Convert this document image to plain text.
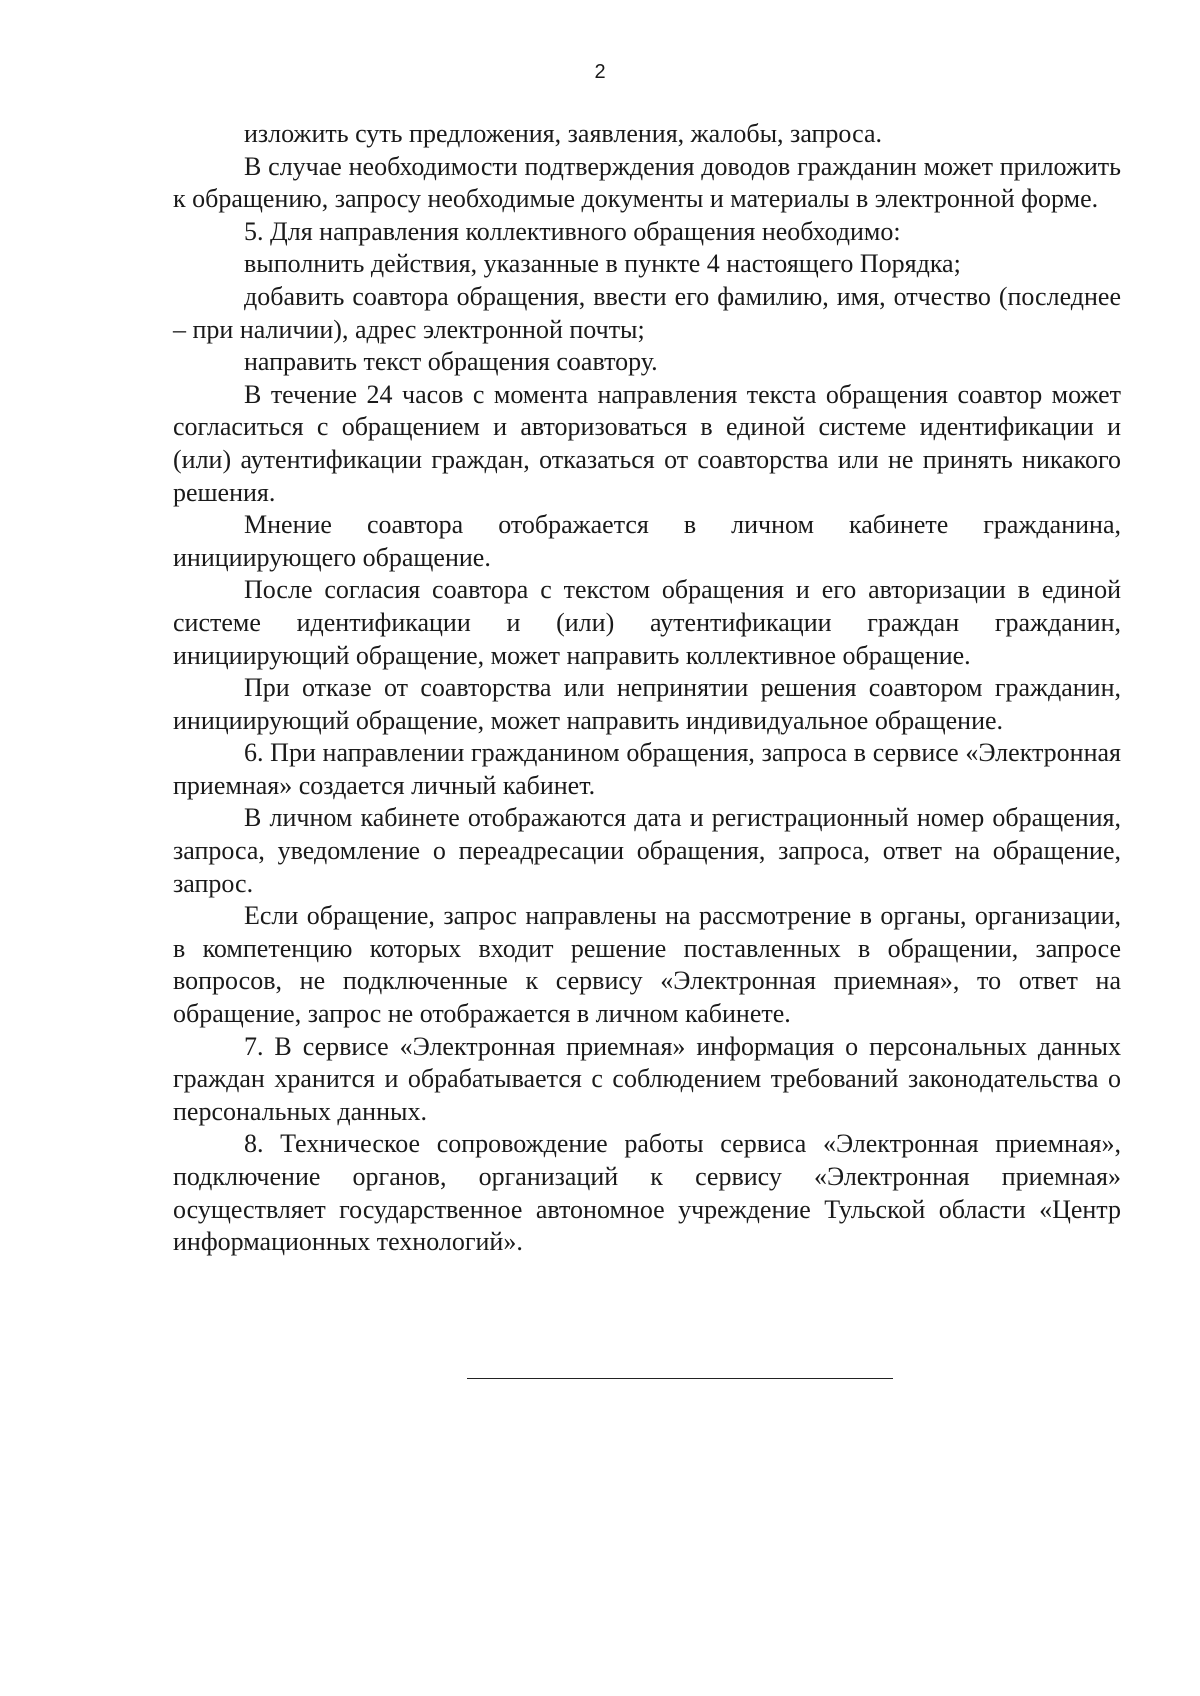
2

изложить суть предложения, заявления, жалобы, запроса.

В случае необходимости подтверждения доводов гражданин может приложить к обращению, запросу необходимые документы и материалы в электронной форме.

5. Для направления коллективного обращения необходимо:

выполнить действия, указанные в пункте 4 настоящего Порядка;

добавить соавтора обращения, ввести его фамилию, имя, отчество (последнее – при наличии), адрес электронной почты;

направить текст обращения соавтору.

В течение 24 часов с момента направления текста обращения соавтор может согласиться с обращением и авторизоваться в единой системе идентификации и (или) аутентификации граждан, отказаться от соавторства или не принять никакого решения.

Мнение соавтора отображается в личном кабинете гражданина, инициирующего обращение.

После согласия соавтора с текстом обращения и его авторизации в единой системе идентификации и (или) аутентификации граждан гражданин, инициирующий обращение, может направить коллективное обращение.

При отказе от соавторства или непринятии решения соавтором гражданин, инициирующий обращение, может направить индивидуальное обращение.

6. При направлении гражданином обращения, запроса в сервисе «Электронная приемная» создается личный кабинет.

В личном кабинете отображаются дата и регистрационный номер обращения, запроса, уведомление о переадресации обращения, запроса, ответ на обращение, запрос.

Если обращение, запрос направлены на рассмотрение в органы, организации, в компетенцию которых входит решение поставленных в обращении, запросе вопросов, не подключенные к сервису «Электронная приемная», то ответ на обращение, запрос не отображается в личном кабинете.

7. В сервисе «Электронная приемная» информация о персональных данных граждан хранится и обрабатывается с соблюдением требований законодательства о персональных данных.

8. Техническое сопровождение работы сервиса «Электронная приемная», подключение органов, организаций к сервису «Электронная приемная» осуществляет государственное автономное учреждение Тульской области «Центр информационных технологий».
